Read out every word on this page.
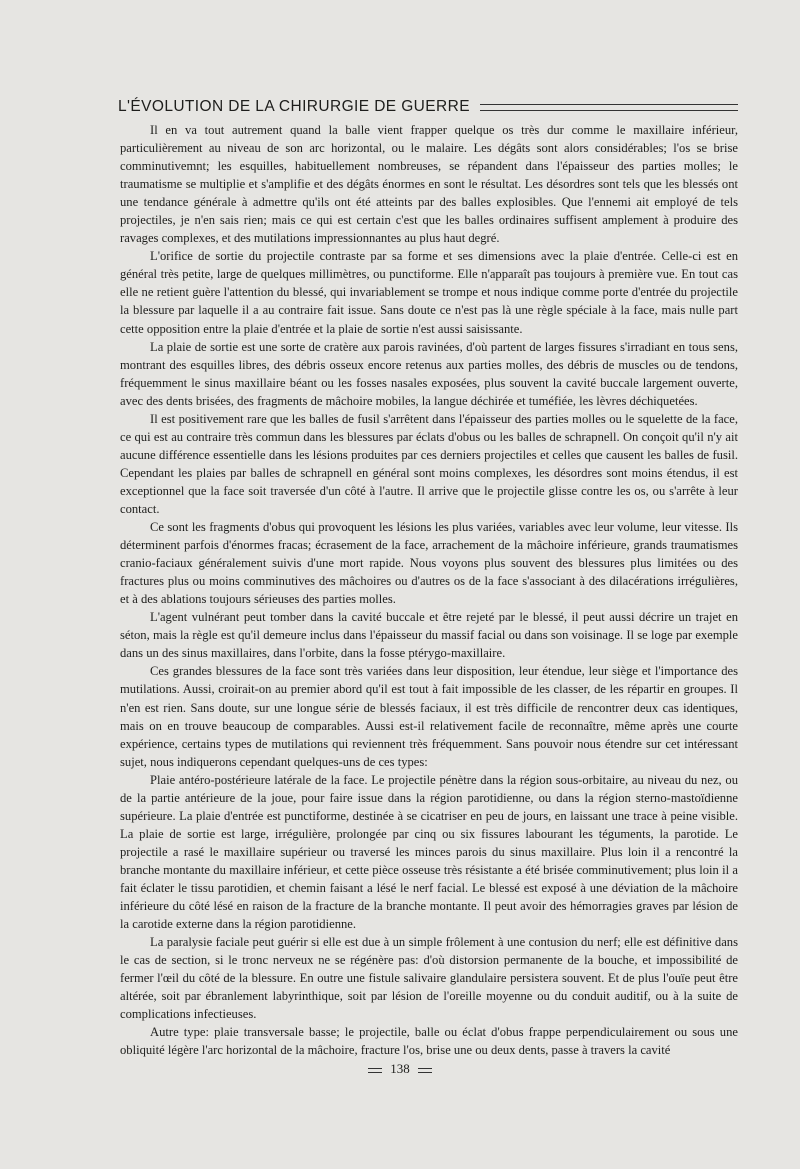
L'ÉVOLUTION DE LA CHIRURGIE DE GUERRE

Il en va tout autrement quand la balle vient frapper quelque os très dur comme le maxillaire inférieur, particulièrement au niveau de son arc horizontal, ou le malaire. Les dégâts sont alors considérables; l'os se brise comminutivemnt; les esquilles, habituellement nombreuses, se répandent dans l'épaisseur des parties molles; le traumatisme se multiplie et s'amplifie et des dégâts énormes en sont le résultat. Les désordres sont tels que les blessés ont une tendance générale à admettre qu'ils ont été atteints par des balles explosibles. Que l'ennemi ait employé de tels projectiles, je n'en sais rien; mais ce qui est certain c'est que les balles ordinaires suffisent amplement à produire des ravages complexes, et des mutilations impressionnantes au plus haut degré.

L'orifice de sortie du projectile contraste par sa forme et ses dimensions avec la plaie d'entrée. Celle-ci est en général très petite, large de quelques millimètres, ou punctiforme. Elle n'apparaît pas toujours à première vue. En tout cas elle ne retient guère l'attention du blessé, qui invariablement se trompe et nous indique comme porte d'entrée du projectile la blessure par laquelle il a au contraire fait issue. Sans doute ce n'est pas là une règle spéciale à la face, mais nulle part cette opposition entre la plaie d'entrée et la plaie de sortie n'est aussi saisissante.

La plaie de sortie est une sorte de cratère aux parois ravinées, d'où partent de larges fissures s'irradiant en tous sens, montrant des esquilles libres, des débris osseux encore retenus aux parties molles, des débris de muscles ou de tendons, fréquemment le sinus maxillaire béant ou les fosses nasales exposées, plus souvent la cavité buccale largement ouverte, avec des dents brisées, des fragments de mâchoire mobiles, la langue déchirée et tuméfiée, les lèvres déchiquetées.

Il est positivement rare que les balles de fusil s'arrêtent dans l'épaisseur des parties molles ou le squelette de la face, ce qui est au contraire très commun dans les blessures par éclats d'obus ou les balles de schrapnell. On conçoit qu'il n'y ait aucune différence essentielle dans les lésions produites par ces derniers projectiles et celles que causent les balles de fusil. Cependant les plaies par balles de schrapnell en général sont moins complexes, les désordres sont moins étendus, il est exceptionnel que la face soit traversée d'un côté à l'autre. Il arrive que le projectile glisse contre les os, ou s'arrête à leur contact.

Ce sont les fragments d'obus qui provoquent les lésions les plus variées, variables avec leur volume, leur vitesse. Ils déterminent parfois d'énormes fracas; écrasement de la face, arrachement de la mâchoire inférieure, grands traumatismes cranio-faciaux généralement suivis d'une mort rapide. Nous voyons plus souvent des blessures plus limitées ou des fractures plus ou moins comminutives des mâchoires ou d'autres os de la face s'associant à des dilacérations irrégulières, et à des ablations toujours sérieuses des parties molles.

L'agent vulnérant peut tomber dans la cavité buccale et être rejeté par le blessé, il peut aussi décrire un trajet en séton, mais la règle est qu'il demeure inclus dans l'épaisseur du massif facial ou dans son voisinage. Il se loge par exemple dans un des sinus maxillaires, dans l'orbite, dans la fosse ptérygo-maxillaire.

Ces grandes blessures de la face sont très variées dans leur disposition, leur étendue, leur siège et l'importance des mutilations. Aussi, croirait-on au premier abord qu'il est tout à fait impossible de les classer, de les répartir en groupes. Il n'en est rien. Sans doute, sur une longue série de blessés faciaux, il est très difficile de rencontrer deux cas identiques, mais on en trouve beaucoup de comparables. Aussi est-il relativement facile de reconnaître, même après une courte expérience, certains types de mutilations qui reviennent très fréquemment. Sans pouvoir nous étendre sur cet intéressant sujet, nous indiquerons cependant quelques-uns de ces types:

Plaie antéro-postérieure latérale de la face. Le projectile pénètre dans la région sous-orbitaire, au niveau du nez, ou de la partie antérieure de la joue, pour faire issue dans la région parotidienne, ou dans la région sterno-mastoïdienne supérieure. La plaie d'entrée est punctiforme, destinée à se cicatriser en peu de jours, en laissant une trace à peine visible. La plaie de sortie est large, irrégulière, prolongée par cinq ou six fissures labourant les téguments, la parotide. Le projectile a rasé le maxillaire supérieur ou traversé les minces parois du sinus maxillaire. Plus loin il a rencontré la branche montante du maxillaire inférieur, et cette pièce osseuse très résistante a été brisée comminutivement; plus loin il a fait éclater le tissu parotidien, et chemin faisant a lésé le nerf facial. Le blessé est exposé à une déviation de la mâchoire inférieure du côté lésé en raison de la fracture de la branche montante. Il peut avoir des hémorragies graves par lésion de la carotide externe dans la région parotidienne.

La paralysie faciale peut guérir si elle est due à un simple frôlement à une contusion du nerf; elle est définitive dans le cas de section, si le tronc nerveux ne se régénère pas: d'où distorsion permanente de la bouche, et impossibilité de fermer l'œil du côté de la blessure. En outre une fistule salivaire glandulaire persistera souvent. Et de plus l'ouïe peut être altérée, soit par ébranlement labyrinthique, soit par lésion de l'oreille moyenne ou du conduit auditif, ou à la suite de complications infectieuses.

Autre type: plaie transversale basse; le projectile, balle ou éclat d'obus frappe perpendiculairement ou sous une obliquité légère l'arc horizontal de la mâchoire, fracture l'os, brise une ou deux dents, passe à travers la cavité

138
